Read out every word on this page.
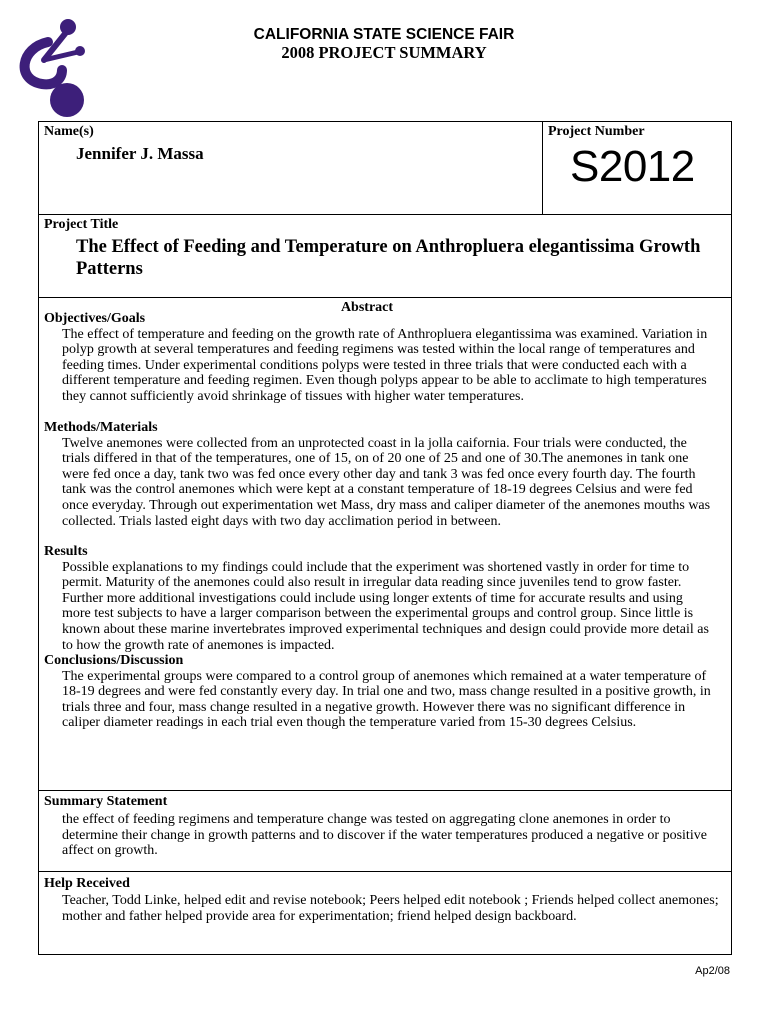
CALIFORNIA STATE SCIENCE FAIR
2008 PROJECT SUMMARY
Name(s)
Jennifer J. Massa
Project Number
S2012
Project Title
The Effect of Feeding and Temperature on Anthropluera elegantissima Growth Patterns
Abstract
Objectives/Goals
The effect of temperature and feeding on the growth rate of Anthropluera elegantissima was examined. Variation in polyp growth at several temperatures and feeding regimens was tested within the local range of temperatures and feeding times. Under experimental conditions polyps were tested in three trials that were conducted each with a different temperature and feeding regimen. Even though polyps appear to be able to acclimate to high temperatures they cannot sufficiently avoid shrinkage of tissues with higher water temperatures.
Methods/Materials
Twelve anemones were collected from an unprotected coast in la jolla caifornia. Four trials were conducted, the trials differed in that of the temperatures, one of 15, on of 20 one of 25 and one of 30.The anemones in tank one were fed once a day, tank two was fed once every other day and tank 3 was fed once every fourth day. The fourth tank was the control anemones which were kept at a constant temperature of 18-19 degrees Celsius and were fed once everyday. Through out experimentation wet Mass, dry mass and caliper diameter of the anemones mouths was collected. Trials lasted eight days with two day acclimation period in between.
Results
Possible explanations to my findings could include that the experiment was shortened vastly in order for time to permit. Maturity of the anemones could also result in irregular data reading since juveniles tend to grow faster. Further more additional investigations could include using longer extents of time for accurate results and using more test subjects to have a larger comparison between the experimental groups and control group. Since little is known about these marine invertebrates improved experimental techniques and design could provide more detail as to how the growth rate of anemones is impacted.
Conclusions/Discussion
The experimental groups were compared to a control group of anemones which remained at a water temperature of 18-19 degrees and were fed constantly every day. In trial one and two, mass change resulted in a positive growth, in trials three and four, mass change resulted in a negative growth. However there was no significant difference in caliper diameter readings in each trial even though the temperature varied from 15-30 degrees Celsius.
Summary Statement
the effect of feeding regimens and temperature change was tested on aggregating clone anemones in order to determine their change in growth patterns and to discover if the water temperatures produced a negative or positive affect on growth.
Help Received
Teacher, Todd Linke, helped edit and revise notebook; Peers helped edit notebook ; Friends helped collect anemones; mother and father helped provide area for experimentation; friend helped design backboard.
Ap2/08
